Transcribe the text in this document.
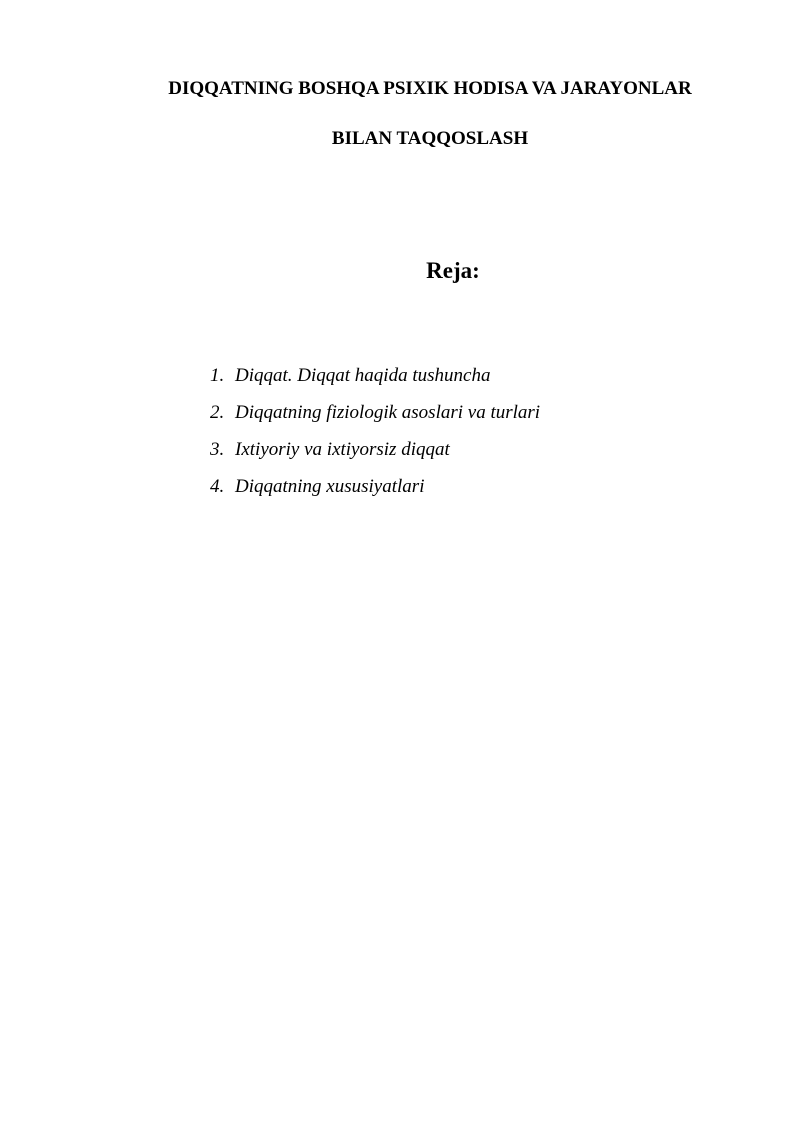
DIQQATNING BOSHQA PSIXIK HODISA VA JARAYONLAR
BILAN TAQQOSLASH
Reja:
1. Diqqat. Diqqat haqida tushuncha
2. Diqqatning fiziologik asoslari va turlari
3. Ixtiyoriy va ixtiyorsiz diqqat
4. Diqqatning xususiyatlari
